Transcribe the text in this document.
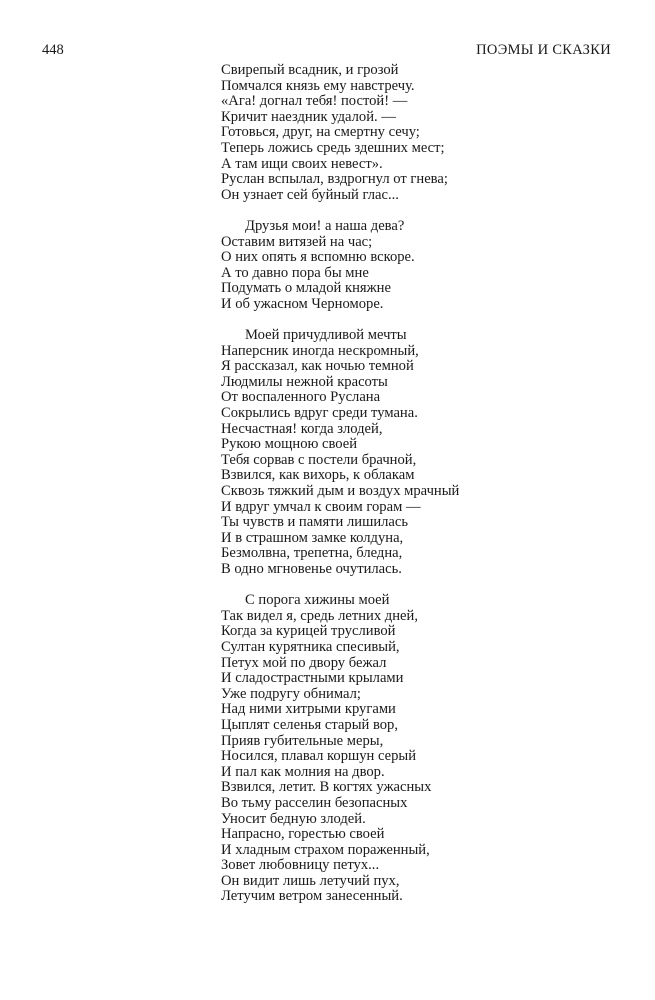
448	ПОЭМЫ И СКАЗКИ
Свирепый всадник, и грозой
Помчался князь ему навстречу.
«Ага! догнал тебя! постой! —
Кричит наездник удалой. —
Готовься, друг, на смертну сечу;
Теперь ложись средь здешних мест;
А там ищи своих невест».
Руслан вспылал, вздрогнул от гнева;
Он узнает сей буйный глас...
Друзья мои! а наша дева?
Оставим витязей на час;
О них опять я вспомню вскоре.
А то давно пора бы мне
Подумать о младой княжне
И об ужасном Черноморе.
Моей причудливой мечты
Наперсник иногда нескромный,
Я рассказал, как ночью темной
Людмилы нежной красоты
От воспаленного Руслана
Сокрылись вдруг среди тумана.
Несчастная! когда злодей,
Рукою мощною своей
Тебя сорвав с постели брачной,
Взвился, как вихорь, к облакам
Сквозь тяжкий дым и воздух мрачный
И вдруг умчал к своим горам —
Ты чувств и памяти лишилась
И в страшном замке колдуна,
Безмолвна, трепетна, бледна,
В одно мгновенье очутилась.
С порога хижины моей
Так видел я, средь летних дней,
Когда за курицей трусливой
Султан курятника спесивый,
Петух мой по двору бежал
И сладострастными крылами
Уже подругу обнимал;
Над ними хитрыми кругами
Цыплят селенья старый вор,
Прияв губительные меры,
Носился, плавал коршун серый
И пал как молния на двор.
Взвился, летит. В когтях ужасных
Во тьму расселин безопасных
Уносит бедную злодей.
Напрасно, горестью своей
И хладным страхом пораженный,
Зовет любовницу петух...
Он видит лишь летучий пух,
Летучим ветром занесенный.
